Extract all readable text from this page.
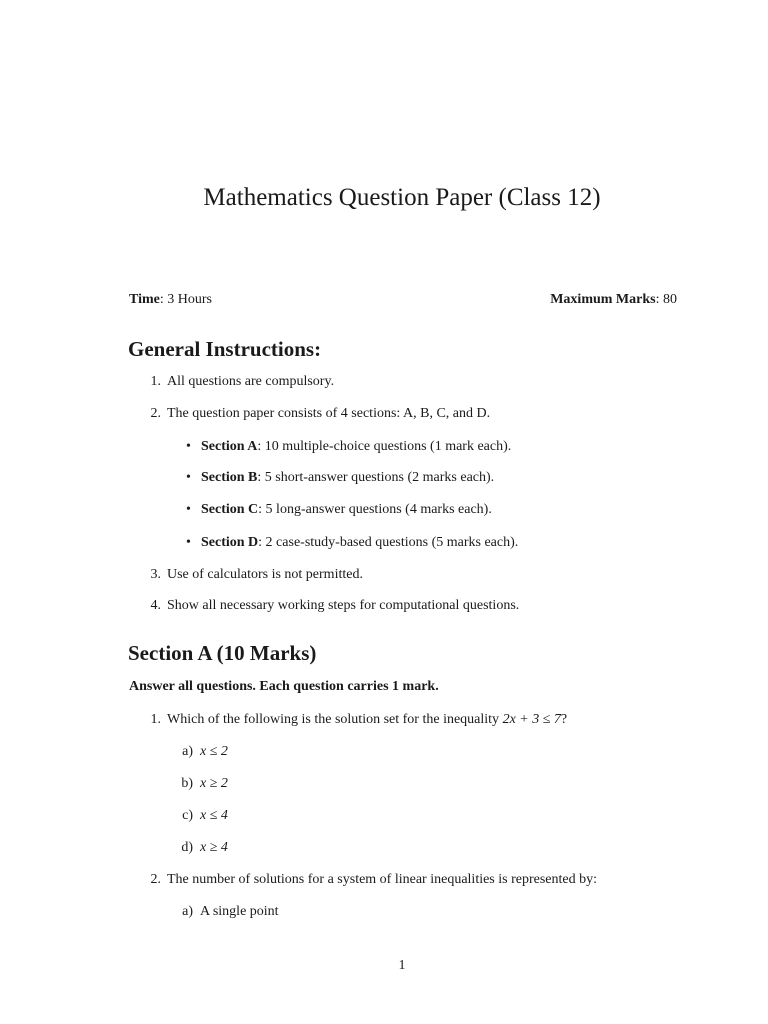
Mathematics Question Paper (Class 12)
Time: 3 Hours	Maximum Marks: 80
General Instructions:
1. All questions are compulsory.
2. The question paper consists of 4 sections: A, B, C, and D.
• Section A: 10 multiple-choice questions (1 mark each).
• Section B: 5 short-answer questions (2 marks each).
• Section C: 5 long-answer questions (4 marks each).
• Section D: 2 case-study-based questions (5 marks each).
3. Use of calculators is not permitted.
4. Show all necessary working steps for computational questions.
Section A (10 Marks)
Answer all questions. Each question carries 1 mark.
1. Which of the following is the solution set for the inequality 2x + 3 ≤ 7?
a) x ≤ 2
b) x ≥ 2
c) x ≤ 4
d) x ≥ 4
2. The number of solutions for a system of linear inequalities is represented by:
a) A single point
1
